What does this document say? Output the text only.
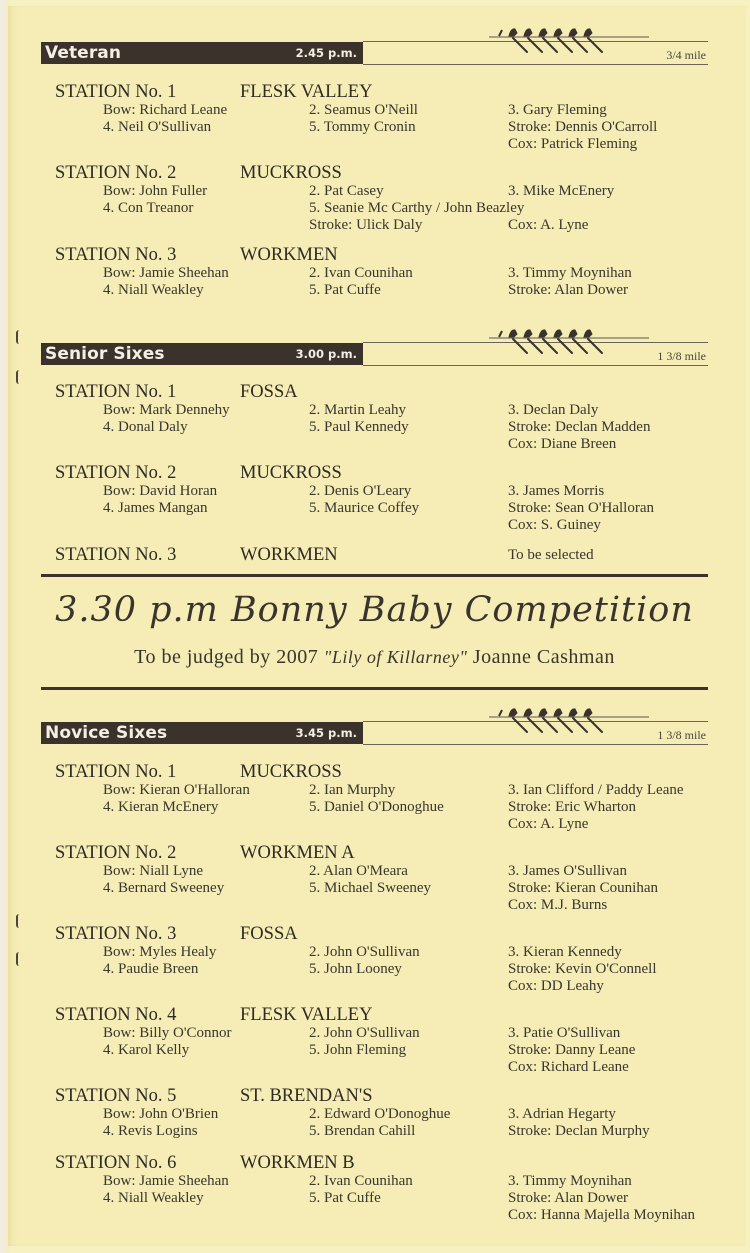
Veteran	2.45 p.m.	3/4 mile
Senior Sixes	3.00 p.m.	1 3/8 mile
Novice Sixes	3.45 p.m.	1 3/8 mile
3.30 p.m Bonny Baby Competition
To be judged by 2007 "Lily of Killarney" Joanne Cashman
STATION No. 1	FLESK VALLEY
Bow: Richard Leane	2. Seamus O'Neill	3. Gary Fleming
4. Neil O'Sullivan	5. Tommy Cronin	Stroke: Dennis O'Carroll
Cox: Patrick Fleming
STATION No. 2	MUCKROSS
Bow: John Fuller	2. Pat Casey	3. Mike McEnery
4. Con Treanor	5. Seanie Mc Carthy / John Beazley
Stroke: Ulick Daly	Cox: A. Lyne
STATION No. 3	WORKMEN
Bow: Jamie Sheehan	2. Ivan Counihan	3. Timmy Moynihan
4. Niall Weakley	5. Pat Cuffe	Stroke: Alan Dower
STATION No. 1	FOSSA
Bow: Mark Dennehy	2. Martin Leahy	3. Declan Daly
4. Donal Daly	5. Paul Kennedy	Stroke: Declan Madden
Cox: Diane Breen
STATION No. 2	MUCKROSS
Bow: David Horan	2. Denis O'Leary	3. James Morris
4. James Mangan	5. Maurice Coffey	Stroke: Sean O'Halloran
Cox: S. Guiney
STATION No. 3	WORKMEN	To be selected
STATION No. 1	MUCKROSS
Bow: Kieran O'Halloran	2. Ian Murphy	3. Ian Clifford / Paddy Leane
4. Kieran McEnery	5. Daniel O'Donoghue	Stroke: Eric Wharton
Cox: A. Lyne
STATION No. 2	WORKMEN A
Bow: Niall Lyne	2. Alan O'Meara	3. James O'Sullivan
4. Bernard Sweeney	5. Michael Sweeney	Stroke: Kieran Counihan
Cox: M.J. Burns
STATION No. 3	FOSSA
Bow: Myles Healy	2. John O'Sullivan	3. Kieran Kennedy
4. Paudie Breen	5. John Looney	Stroke: Kevin O'Connell
Cox: DD Leahy
STATION No. 4	FLESK VALLEY
Bow: Billy O'Connor	2. John O'Sullivan	3. Patie O'Sullivan
4. Karol Kelly	5. John Fleming	Stroke: Danny Leane
Cox: Richard Leane
STATION No. 5	ST. BRENDAN'S
Bow: John O'Brien	2. Edward O'Donoghue	3. Adrian Hegarty
4. Revis Logins	5. Brendan Cahill	Stroke: Declan Murphy
STATION No. 6	WORKMEN B
Bow: Jamie Sheehan	2. Ivan Counihan	3. Timmy Moynihan
4. Niall Weakley	5. Pat Cuffe	Stroke: Alan Dower
Cox: Hanna Majella Moynihan
